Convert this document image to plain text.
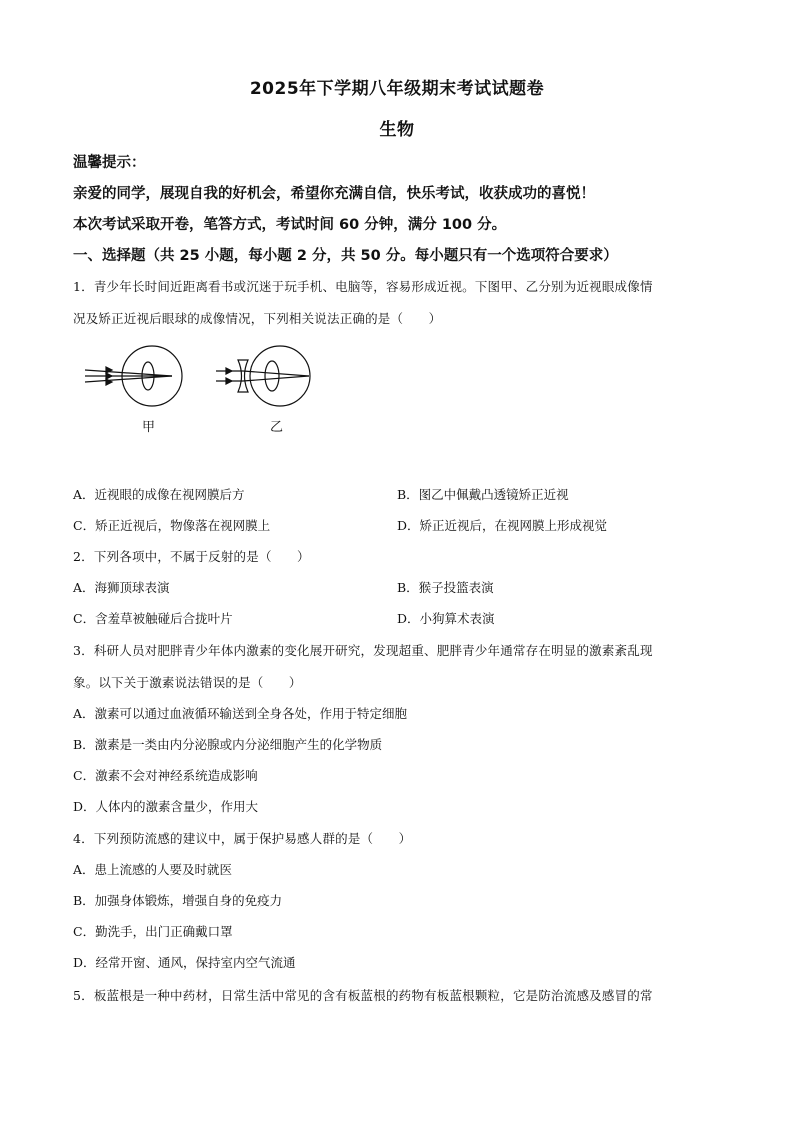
2025年下学期八年级期末考试试题卷
生物
温馨提示：
亲爱的同学，展现自我的好机会，希望你充满自信，快乐考试，收获成功的喜悦！
本次考试采取开卷，笔答方式，考试时间 60 分钟，满分 100 分。
一、选择题（共 25 小题，每小题 2 分，共 50 分。每小题只有一个选项符合要求）
1．青少年长时间近距离看书或沉迷于玩手机、电脑等，容易形成近视。下图甲、乙分别为近视眼成像情
况及矫正近视后眼球的成像情况，下列相关说法正确的是（　　）
甲	乙
A．近视眼的成像在视网膜后方	B．图乙中佩戴凸透镜矫正近视
C．矫正近视后，物像落在视网膜上	D．矫正近视后，在视网膜上形成视觉
2．下列各项中，不属于反射的是（　　）
A．海狮顶球表演	B．猴子投篮表演
C．含羞草被触碰后合拢叶片	D．小狗算术表演
3．科研人员对肥胖青少年体内激素的变化展开研究，发现超重、肥胖青少年通常存在明显的激素紊乱现
象。以下关于激素说法错误的是（　　）
A．激素可以通过血液循环输送到全身各处，作用于特定细胞
B．激素是一类由内分泌腺或内分泌细胞产生的化学物质
C．激素不会对神经系统造成影响
D．人体内的激素含量少，作用大
4．下列预防流感的建议中，属于保护易感人群的是（　　）
A．患上流感的人要及时就医
B．加强身体锻炼，增强自身的免疫力
C．勤洗手，出门正确戴口罩
D．经常开窗、通风，保持室内空气流通
5．板蓝根是一种中药材，日常生活中常见的含有板蓝根的药物有板蓝根颗粒，它是防治流感及感冒的常
